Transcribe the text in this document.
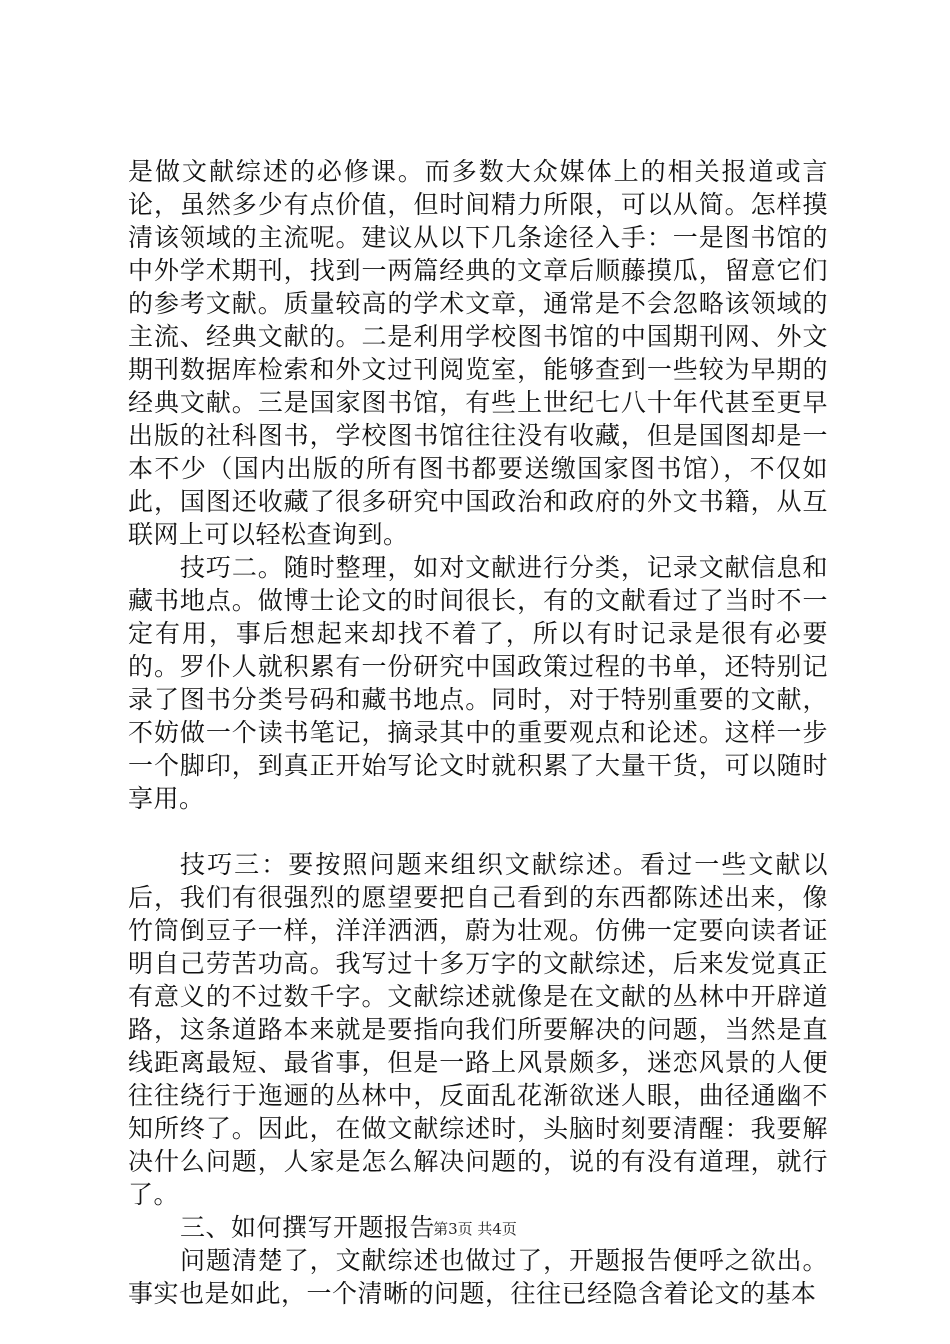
是做文献综述的必修课。而多数大众媒体上的相关报道或言论，虽然多少有点价值，但时间精力所限，可以从简。怎样摸清该领域的主流呢。建议从以下几条途径入手：一是图书馆的中外学术期刊，找到一两篇经典的文章后顺藤摸瓜，留意它们的参考文献。质量较高的学术文章，通常是不会忽略该领域的主流、经典文献的。二是利用学校图书馆的中国期刊网、外文期刊数据库检索和外文过刊阅览室，能够查到一些较为早期的经典文献。三是国家图书馆，有些上世纪七八十年代甚至更早出版的社科图书，学校图书馆往往没有收藏，但是国图却是一本不少（国内出版的所有图书都要送缴国家图书馆），不仅如此，国图还收藏了很多研究中国政治和政府的外文书籍，从互联网上可以轻松查询到。

技巧二。随时整理，如对文献进行分类，记录文献信息和藏书地点。做博士论文的时间很长，有的文献看过了当时不一定有用，事后想起来却找不着了，所以有时记录是很有必要的。罗仆人就积累有一份研究中国政策过程的书单，还特别记录了图书分类号码和藏书地点。同时，对于特别重要的文献，不妨做一个读书笔记，摘录其中的重要观点和论述。这样一步一个脚印，到真正开始写论文时就积累了大量干货，可以随时享用。

技巧三：要按照问题来组织文献综述。看过一些文献以后，我们有很强烈的愿望要把自己看到的东西都陈述出来，像竹筒倒豆子一样，洋洋洒洒，蔚为壮观。仿佛一定要向读者证明自己劳苦功高。我写过十多万字的文献综述，后来发觉真正有意义的不过数千字。文献综述就像是在文献的丛林中开辟道路，这条道路本来就是要指向我们所要解决的问题，当然是直线距离最短、最省事，但是一路上风景颇多，迷恋风景的人便往往绕行于迤逦的丛林中，反面乱花渐欲迷人眼，曲径通幽不知所终了。因此，在做文献综述时，头脑时刻要清醒：我要解决什么问题，人家是怎么解决问题的，说的有没有道理，就行了。

三、如何撰写开题报告

问题清楚了，文献综述也做过了，开题报告便呼之欲出。事实也是如此，一个清晰的问题，往往已经隐含着论文的基本

第3页 共4页
